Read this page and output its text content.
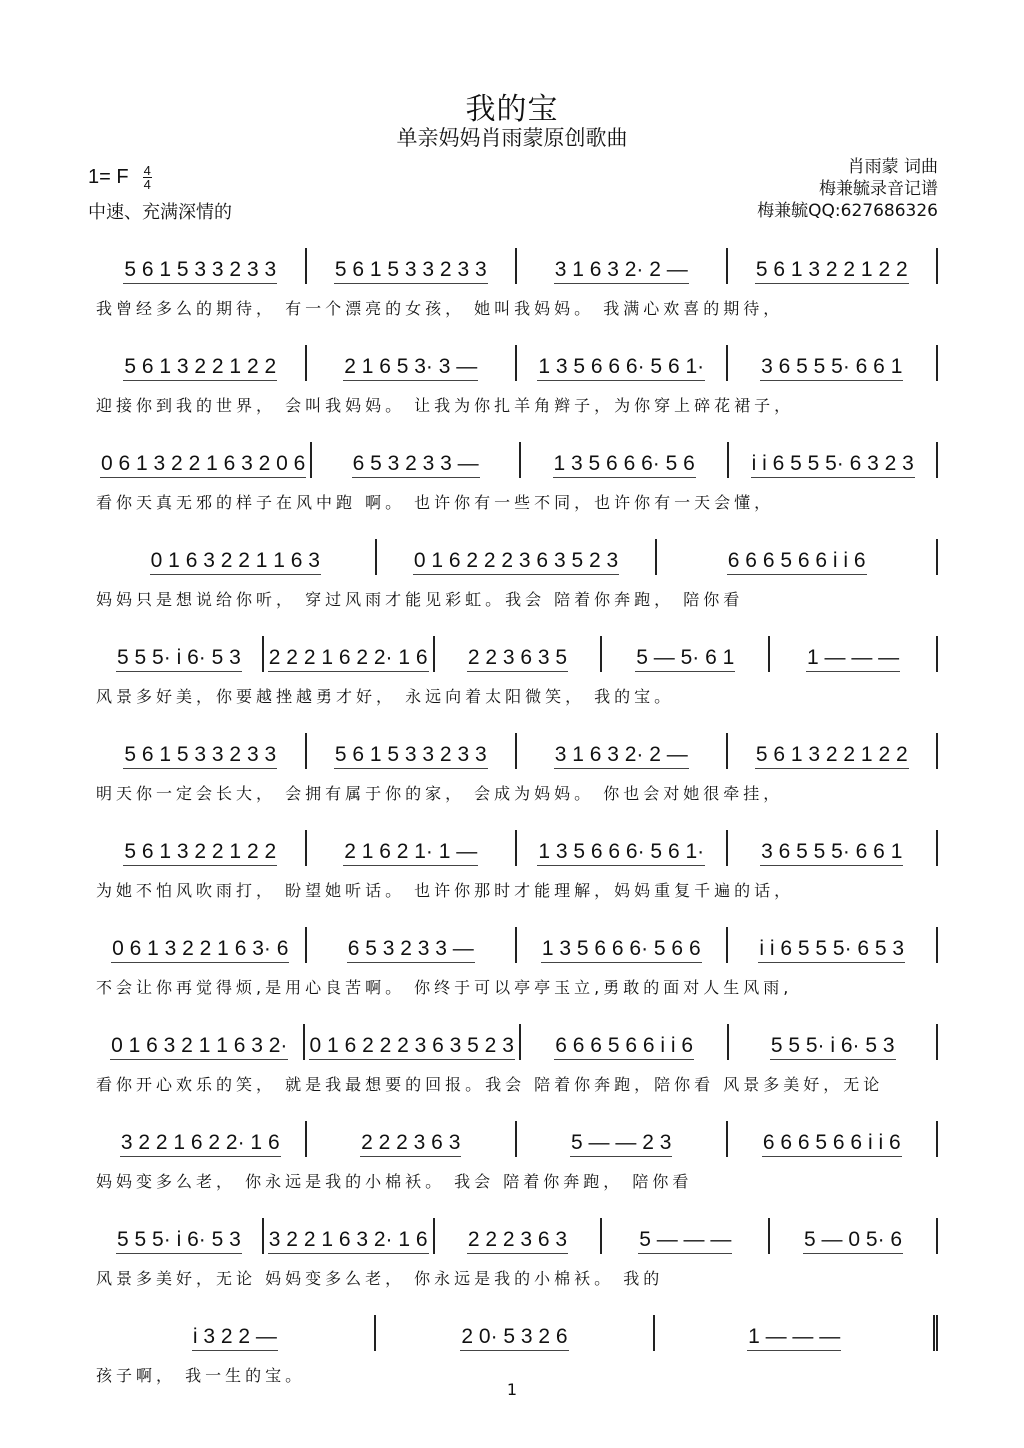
我的宝
单亲妈妈肖雨蒙原创歌曲
1= F $\frac{4}{4}$
中速、充满深情的
肖雨蒙 词曲
梅兼毓录音记谱
梅兼毓QQ:627686326
5 6 1 5 3 3 2 3 3	5 6 1 5 3 3 2 3 3	3 1 6 3 2· 2 —	5 6 1 3 2 2 1 2 2
我曾经多么的期待， 有一个漂亮的女孩， 她叫我妈妈。 我满心欢喜的期待，
5 6 1 3 2 2 1 2 2	2 1 6 5 3· 3 —	1 3 5 6 6 6· 5 6 1·	3 6 5 5 5· 6 6 1
迎接你到我的世界， 会叫我妈妈。 让我为你扎羊角辫子，为你穿上碎花裙子，
0 6 1 3 2 2 1 6 3 2 0 6 6 5 3 2 3 3 —	1 3 5 6 6 6· 5 6	i i 6 5 5 5· 6 3 2 3
看你天真无邪的样子在风中跑 啊。 也许你有一些不同，也许你有一天会懂，
0 1 6 3 2 2 1 1 6 3	0 1 6 2 2 2 3 6 3 5 2 3	6 6 6 5 6 6 i i 6
妈妈只是想说给你听， 穿过风雨才能见彩虹。我会 陪着你奔跑， 陪你看
5 5 5· i 6· 5 3 2 2 2 1 6 2 2· 1 6 2 2 3 6 3 5	5 — 5· 6 1	1 — — —
风景多好美，你要越挫越勇才好， 永远向着太阳微笑， 我的宝。
5 6 1 5 3 3 2 3 3	5 6 1 5 3 3 2 3 3	3 1 6 3 2· 2 —	5 6 1 3 2 2 1 2 2
明天你一定会长大， 会拥有属于你的家， 会成为妈妈。 你也会对她很牵挂，
5 6 1 3 2 2 1 2 2	2 1 6 2 1· 1 —	1 3 5 6 6 6· 5 6 1·	3 6 5 5 5· 6 6 1
为她不怕风吹雨打， 盼望她听话。 也许你那时才能理解，妈妈重复千遍的话，
0 6 1 3 2 2 1 6 3· 6	6 5 3 2 3 3 —	1 3 5 6 6 6· 5 6 6	i i 6 5 5 5· 6 5 3
不会让你再觉得烦,是用心良苦啊。 你终于可以亭亭玉立,勇敢的面对人生风雨,
0 1 6 3 2 1 1 6 3 2· 0 1 6 2 2 2 3 6 3 5 2 3 6 6 6 5 6 6 i i 6	5 5 5· i 6· 5 3
看你开心欢乐的笑， 就是我最想要的回报。我会 陪着你奔跑，陪你看 风景多美好，无论
3 2 2 1 6 2 2· 1 6	2 2 2 3 6 3	5 — — 2 3	6 6 6 5 6 6 i i 6
妈妈变多么老， 你永远是我的小棉袄。 我会 陪着你奔跑， 陪你看
5 5 5· i 6· 5 3 3 2 2 1 6 3 2· 1 6 2 2 2 3 6 3	5 — — —	5 — 0 5· 6
风景多美好，无论 妈妈变多么老， 你永远是我的小棉袄。 我的
i 3 2 2 —	2 0· 5 3 2 6	1 — — —
孩子啊， 我一生的宝。
1
